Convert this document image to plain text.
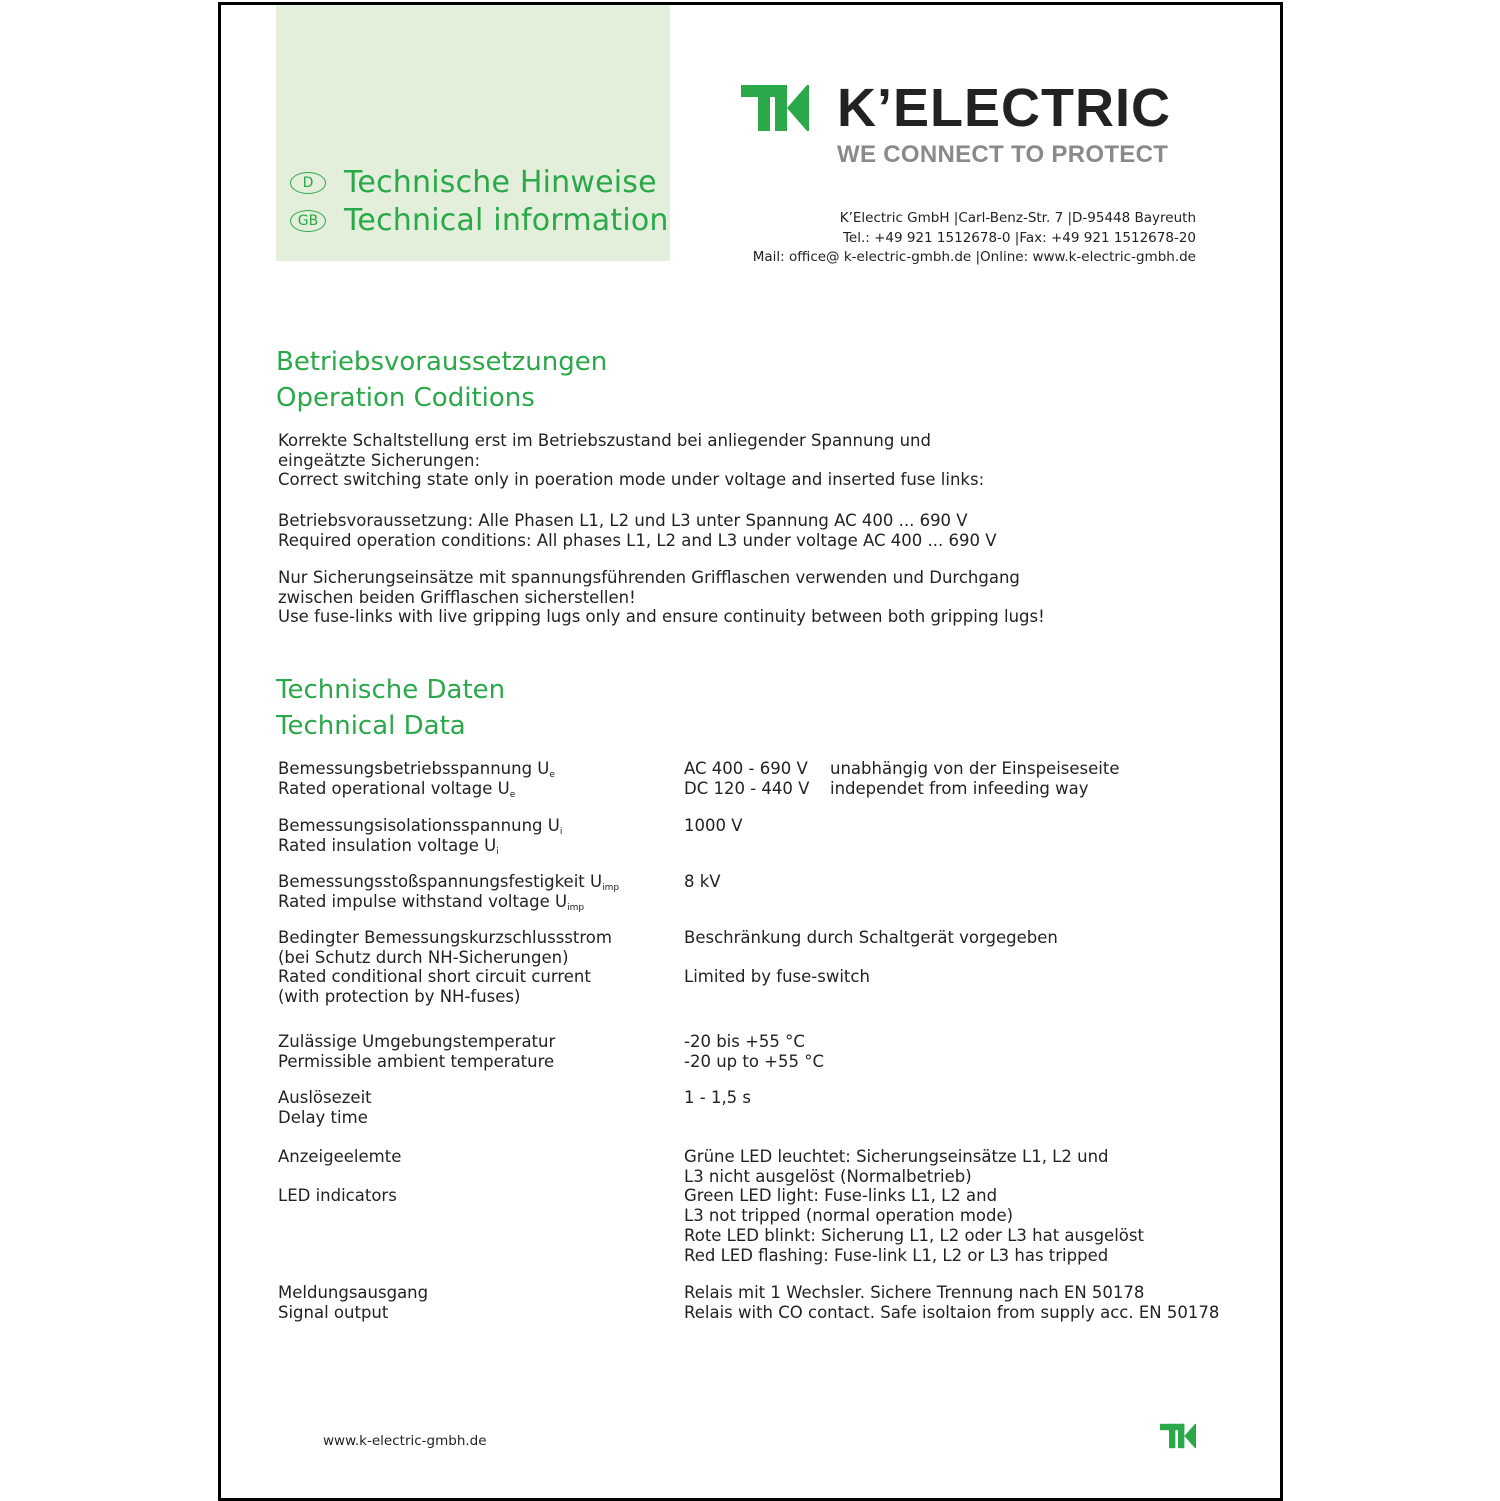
D	Technische Hinweise
GB Technical information
K’ELECTRIC
WE CONNECT TO PROTECT
K’Electric GmbH |Carl-Benz-Str. 7 |D-95448 Bayreuth
Tel.: +49 921 1512678-0 |Fax: +49 921 1512678-20
Mail: office@ k-electric-gmbh.de |Online: www.k-electric-gmbh.de
Betriebsvoraussetzungen
Operation Coditions
Korrekte Schaltstellung erst im Betriebszustand bei anliegender Spannung und
eingeätzte Sicherungen:
Correct switching state only in poeration mode under voltage and inserted fuse links:
Betriebsvoraussetzung: Alle Phasen L1, L2 und L3 unter Spannung AC 400 ... 690 V
Required operation conditions: All phases L1, L2 and L3 under voltage AC 400 ... 690 V
Nur Sicherungseinsätze mit spannungsführenden Grifflaschen verwenden und Durchgang
zwischen beiden Grifflaschen sicherstellen!
Use fuse-links with live gripping lugs only and ensure continuity between both gripping lugs!
Technische Daten
Technical Data
Bemessungsbetriebsspannung $U_e$
Rated operational voltage $U_e$
AC 400 - 690 V
DC 120 - 440 V
unabhängig von der Einspeiseseite
independet from infeeding way
Bemessungsisolationsspannung $U_i$
Rated insulation voltage $U_i$
1000 V
Bemessungsstoßspannungsfestigkeit $U_{imp}$
Rated impulse withstand voltage $U_{imp}$
8 kV
Bedingter Bemessungskurzschlussstrom
(bei Schutz durch NH-Sicherungen)
Rated conditional short circuit current
(with protection by NH-fuses)
Beschränkung durch Schaltgerät vorgegeben

Limited by fuse-switch
Zulässige Umgebungstemperatur
Permissible ambient temperature
-20 bis +55 °C
-20 up to +55 °C
Auslösezeit
Delay time
1 - 1,5 s
Anzeigeelemte

LED indicators
Grüne LED leuchtet: Sicherungseinsätze L1, L2 und
L3 nicht ausgelöst (Normalbetrieb)
Green LED light: Fuse-links L1, L2 and
L3 not tripped (normal operation mode)
Rote LED blinkt: Sicherung L1, L2 oder L3 hat ausgelöst
Red LED flashing: Fuse-link L1, L2 or L3 has tripped
Meldungsausgang
Signal output
Relais mit 1 Wechsler. Sichere Trennung nach EN 50178
Relais with CO contact. Safe isoltaion from supply acc. EN 50178
www.k-electric-gmbh.de
